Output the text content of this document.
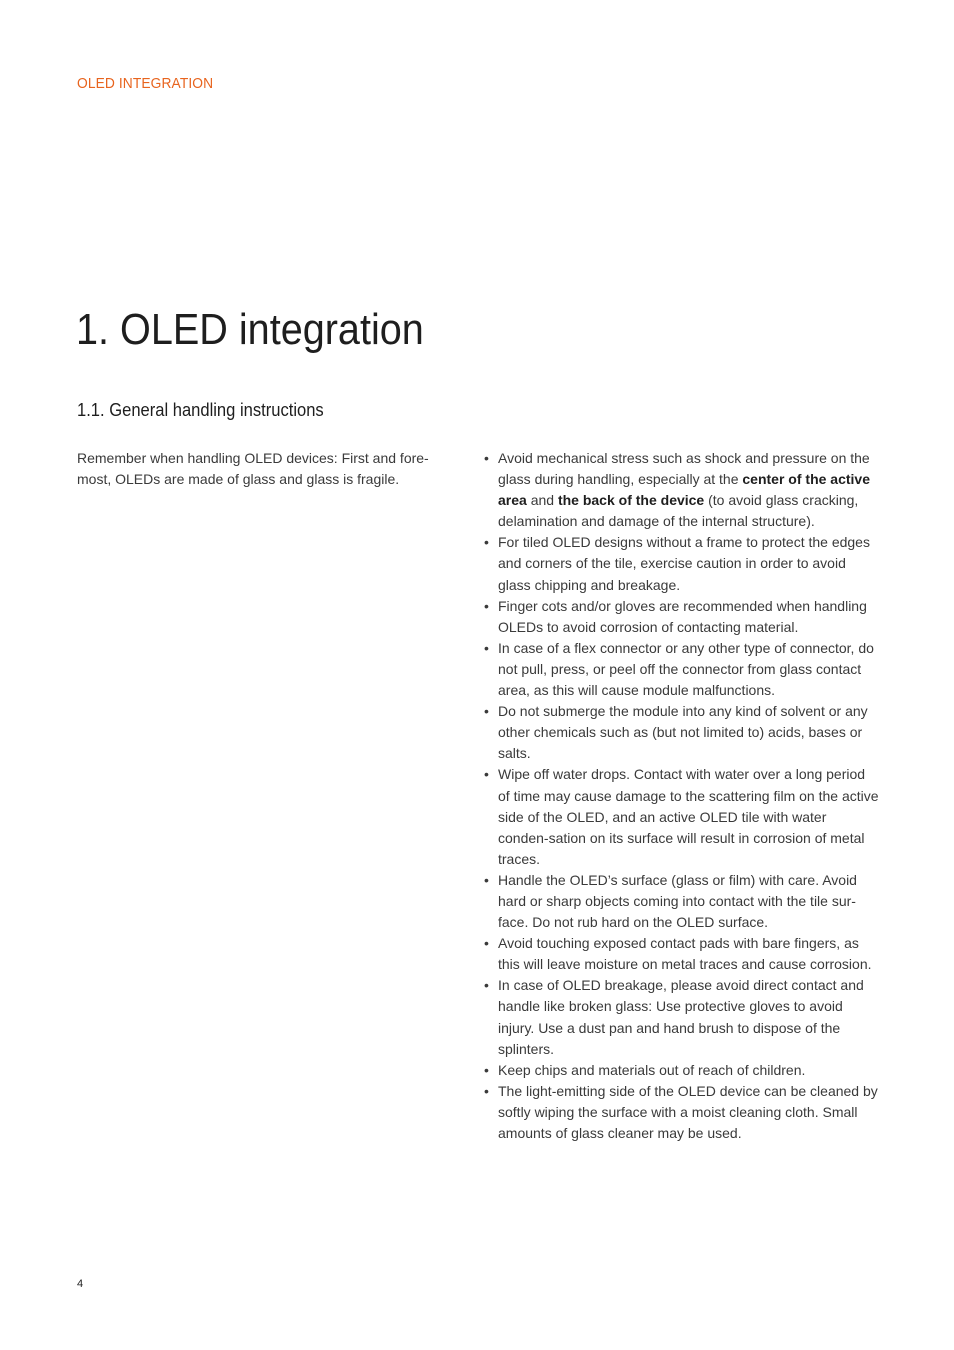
OLED INTEGRATION
1. OLED integration
1.1. General handling instructions

Remember when handling OLED devices: First and fore-most, OLEDs are made of glass and glass is fragile.

• Avoid mechanical stress such as shock and pressure on the glass during handling, especially at the center of the active area and the back of the device (to avoid glass cracking, delamination and damage of the internal structure).
• For tiled OLED designs without a frame to protect the edges and corners of the tile, exercise caution in order to avoid glass chipping and breakage.
• Finger cots and/or gloves are recommended when handling OLEDs to avoid corrosion of contacting material.
• In case of a flex connector or any other type of connector, do not pull, press, or peel off the connector from glass contact area, as this will cause module malfunctions.
• Do not submerge the module into any kind of solvent or any other chemicals such as (but not limited to) acids, bases or salts.
• Wipe off water drops. Contact with water over a long period of time may cause damage to the scattering film on the active side of the OLED, and an active OLED tile with water conden-sation on its surface will result in corrosion of metal traces.
• Handle the OLED’s surface (glass or film) with care. Avoid hard or sharp objects coming into contact with the tile sur-face. Do not rub hard on the OLED surface.
• Avoid touching exposed contact pads with bare fingers, as this will leave moisture on metal traces and cause corrosion.
• In case of OLED breakage, please avoid direct contact and handle like broken glass: Use protective gloves to avoid injury. Use a dust pan and hand brush to dispose of the splinters.
• Keep chips and materials out of reach of children.
• The light-emitting side of the OLED device can be cleaned by softly wiping the surface with a moist cleaning cloth. Small amounts of glass cleaner may be used.
4
